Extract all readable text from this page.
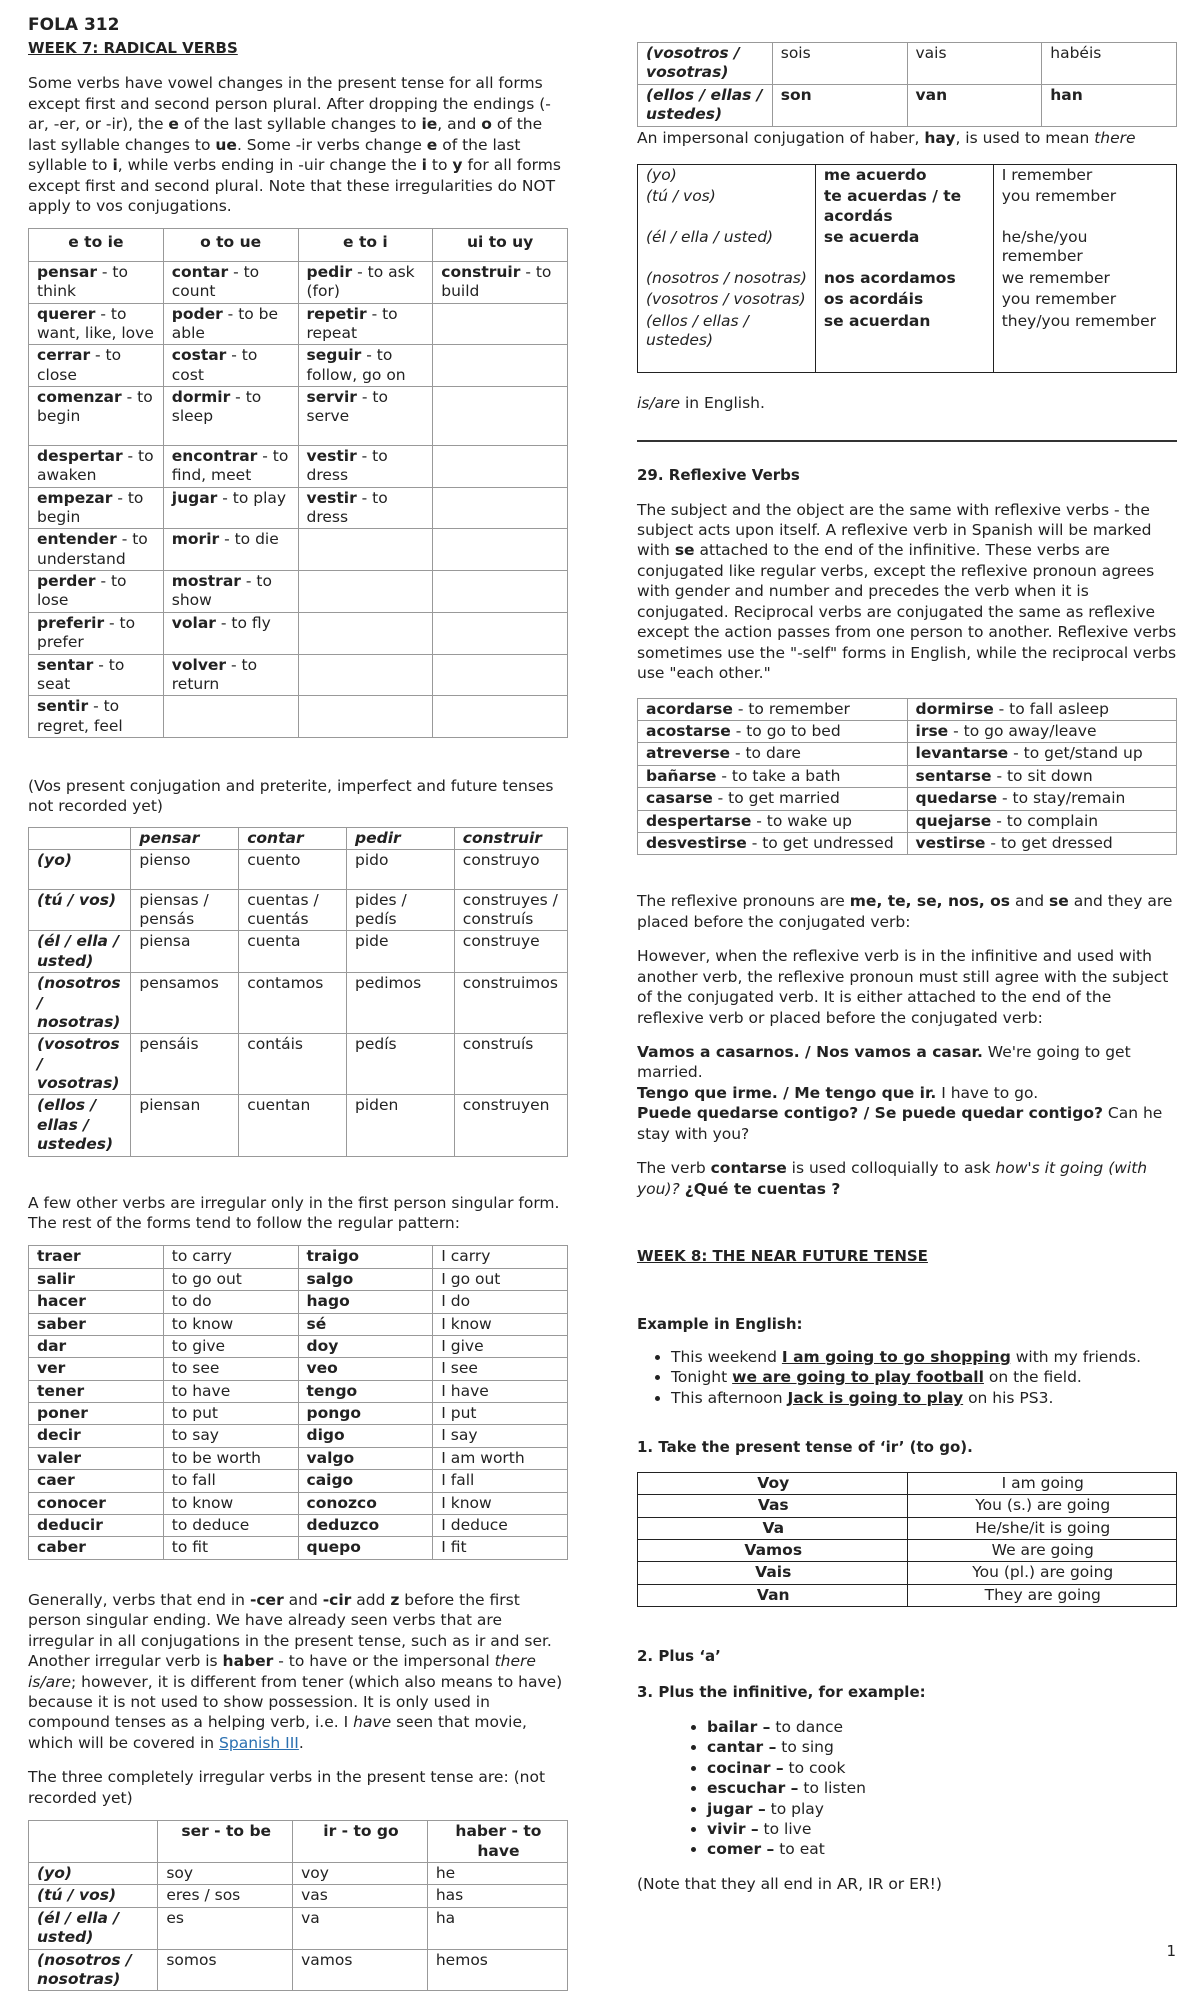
FOLA 312
WEEK 7: RADICAL VERBS

Some verbs have vowel changes in the present tense for all forms except first and second person plural. After dropping the endings (-ar, -er, or -ir), the e of the last syllable changes to ie, and o of the last syllable changes to ue. Some -ir verbs change e of the last syllable to i, while verbs ending in -uir change the i to y for all forms except first and second plural. Note that these irregularities do NOT apply to vos conjugations.

e to ie	o to ue	e to i	ui to uy
pensar - to think	contar - to count	pedir - to ask (for)	construir - to build
querer - to want, like, love	poder - to be able	repetir - to repeat	
cerrar - to close	costar - to cost	seguir - to follow, go on	
comenzar - to begin	dormir - to sleep	servir - to serve	
despertar - to awaken	encontrar - to find, meet	vestir - to dress	
empezar - to begin	jugar - to play	vestir - to dress	
entender - to understand	morir - to die		
perder - to lose	mostrar - to show		
preferir - to prefer	volar - to fly		
sentar - to seat	volver - to return		
sentir - to regret, feel			

(Vos present conjugation and preterite, imperfect and future tenses not recorded yet)

	pensar	contar	pedir	construir
(yo)	pienso	cuento	pido	construyo
(tú / vos)	piensas / pensás	cuentas / cuentás	pides / pedís	construyes / construís
(él / ella / usted)	piensa	cuenta	pide	construye
(nosotros / nosotras)	pensamos	contamos	pedimos	construimos
(vosotros / vosotras)	pensáis	contáis	pedís	construís
(ellos / ellas / ustedes)	piensan	cuentan	piden	construyen

A few other verbs are irregular only in the first person singular form. The rest of the forms tend to follow the regular pattern:

traer	to carry	traigo	I carry
salir	to go out	salgo	I go out
hacer	to do	hago	I do
saber	to know	sé	I know
dar	to give	doy	I give
ver	to see	veo	I see
tener	to have	tengo	I have
poner	to put	pongo	I put
decir	to say	digo	I say
valer	to be worth	valgo	I am worth
caer	to fall	caigo	I fall
conocer	to know	conozco	I know
deducir	to deduce	deduzco	I deduce
caber	to fit	quepo	I fit

Generally, verbs that end in -cer and -cir add z before the first person singular ending. We have already seen verbs that are irregular in all conjugations in the present tense, such as ir and ser. Another irregular verb is haber - to have or the impersonal there is/are; however, it is different from tener (which also means to have) because it is not used to show possession. It is only used in compound tenses as a helping verb, i.e. I have seen that movie, which will be covered in Spanish III.

The three completely irregular verbs in the present tense are: (not recorded yet)

	ser - to be	ir - to go	haber - to have
(yo)	soy	voy	he
(tú / vos)	eres / sos	vas	has
(él / ella / usted)	es	va	ha
(nosotros / nosotras)	somos	vamos	hemos
(vosotros / vosotras)	sois	vais	habéis
(ellos / ellas / ustedes)	son	van	han

An impersonal conjugation of haber, hay, is used to mean there

(yo)	me acuerdo	I remember
(tú / vos)	te acuerdas / te acordás	you remember
(él / ella / usted)	se acuerda	he/she/you remember
(nosotros / nosotras)	nos acordamos	we remember
(vosotros / vosotras)	os acordáis	you remember
(ellos / ellas / ustedes)	se acuerdan	they/you remember

is/are in English.

29. Reflexive Verbs

The subject and the object are the same with reflexive verbs - the subject acts upon itself. A reflexive verb in Spanish will be marked with se attached to the end of the infinitive. These verbs are conjugated like regular verbs, except the reflexive pronoun agrees with gender and number and precedes the verb when it is conjugated. Reciprocal verbs are conjugated the same as reflexive except the action passes from one person to another. Reflexive verbs sometimes use the "-self" forms in English, while the reciprocal verbs use "each other."

acordarse - to remember	dormirse - to fall asleep
acostarse - to go to bed	irse - to go away/leave
atreverse - to dare	levantarse - to get/stand up
bañarse - to take a bath	sentarse - to sit down
casarse - to get married	quedarse - to stay/remain
despertarse - to wake up	quejarse - to complain
desvestirse - to get undressed	vestirse - to get dressed

The reflexive pronouns are me, te, se, nos, os and se and they are placed before the conjugated verb:

However, when the reflexive verb is in the infinitive and used with another verb, the reflexive pronoun must still agree with the subject of the conjugated verb. It is either attached to the end of the reflexive verb or placed before the conjugated verb:

Vamos a casarnos. / Nos vamos a casar. We're going to get married.
Tengo que irme. / Me tengo que ir. I have to go.
Puede quedarse contigo? / Se puede quedar contigo? Can he stay with you?

The verb contarse is used colloquially to ask how's it going (with you)? ¿Qué te cuentas ?

WEEK 8: THE NEAR FUTURE TENSE
Example in English:
• This weekend I am going to go shopping with my friends.
• Tonight we are going to play football on the field.
• This afternoon Jack is going to play on his PS3.
1. Take the present tense of ‘ir’ (to go).
Voy	I am going
Vas	You (s.) are going
Va	He/she/it is going
Vamos	We are going
Vais	You (pl.) are going
Van	They are going
2. Plus ‘a’
3. Plus the infinitive, for example:
• bailar – to dance
• cantar – to sing
• cocinar – to cook
• escuchar – to listen
• jugar – to play
• vivir – to live
• comer – to eat

(Note that they all end in AR, IR or ER!)

1
